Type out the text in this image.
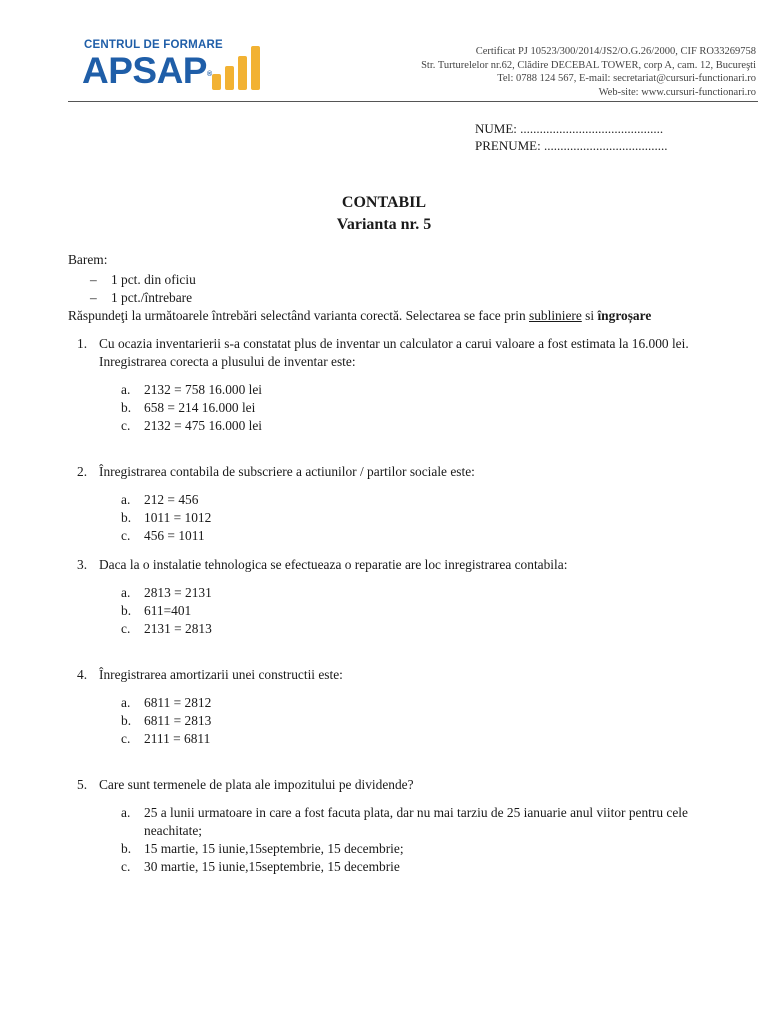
CENTRUL DE FORMARE
APSAP®
Certificat PJ 10523/300/2014/JS2/O.G.26/2000, CIF RO33269758
Str. Turturelelor nr.62, Clădire DECEBAL TOWER, corp A, cam. 12, Bucureşti
Tel: 0788 124 567, E-mail: secretariat@cursuri-functionari.ro
Web-site: www.cursuri-functionari.ro
NUME: ............................................
PRENUME: ......................................
CONTABIL
Varianta nr. 5

Barem:

– 1 pct. din oficiu
– 1 pct./întrebare

Răspundeţi la următoarele întrebări selectând varianta corectă. Selectarea se face prin subliniere si îngroșare

1. Cu ocazia inventarierii s-a constatat plus de inventar un calculator a carui valoare a fost estimata la 16.000 lei. Inregistrarea corecta a plusului de inventar este:
a. 2132 = 758 16.000 lei
b. 658 = 214 16.000 lei
c. 2132 = 475 16.000 lei
2. Înregistrarea contabila de subscriere a actiunilor / partilor sociale este:
a. 212 = 456
b. 1011 = 1012
c. 456 = 1011
3. Daca la o instalatie tehnologica se efectueaza o reparatie are loc inregistrarea contabila:
a. 2813 = 2131
b. 611=401
c. 2131 = 2813
4. Înregistrarea amortizarii unei constructii este:
a. 6811 = 2812
b. 6811 = 2813
c. 2111 = 6811
5. Care sunt termenele de plata ale impozitului pe dividende?
a. 25 a lunii urmatoare in care a fost facuta plata, dar nu mai tarziu de 25 ianuarie anul viitor pentru cele neachitate;
b. 15 martie, 15 iunie,15septembrie, 15 decembrie;
c. 30 martie, 15 iunie,15septembrie, 15 decembrie
